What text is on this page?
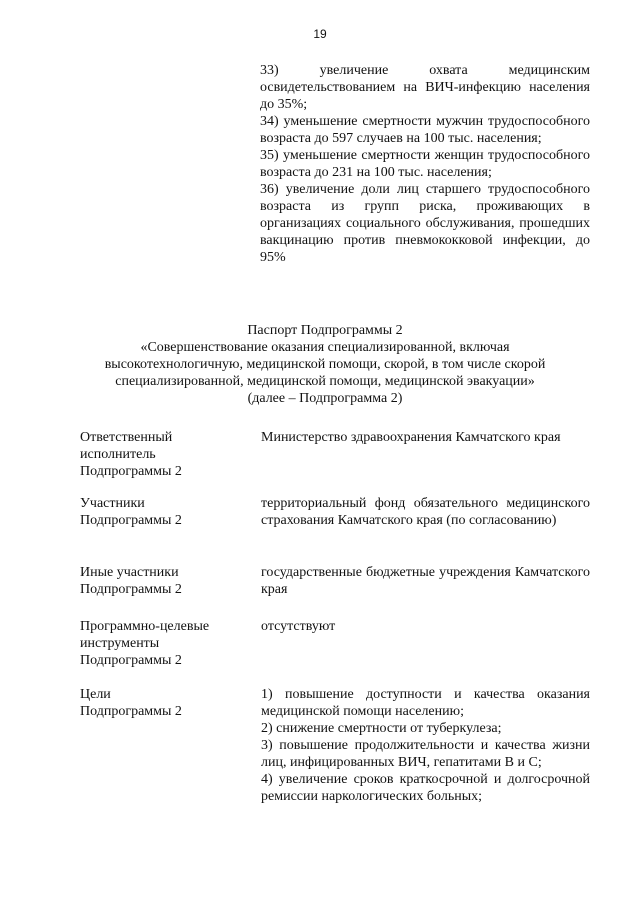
19

33) увеличение охвата медицинским освидетельствованием на ВИЧ-инфекцию населения до 35%;

34) уменьшение смертности мужчин трудоспособного возраста до 597 случаев на 100 тыс. населения;

35) уменьшение смертности женщин трудоспособного возраста до 231 на 100 тыс. населения;

36) увеличение доли лиц старшего трудоспособного возраста из групп риска, проживающих в организациях социального обслуживания, прошедших вакцинацию против пневмококковой инфекции, до 95%

Паспорт Подпрограммы 2
«Совершенствование оказания специализированной, включая
высокотехнологичную, медицинской помощи, скорой, в том числе скорой
специализированной, медицинской помощи, медицинской эвакуации»
(далее – Подпрограмма 2)
Ответственный
исполнитель
Подпрограммы 2

Министерство здравоохранения Камчатского края

Участники
Подпрограммы 2

территориальный фонд обязательного медицинского страхования Камчатского края (по согласованию)

Иные участники
Подпрограммы 2

государственные бюджетные учреждения Камчатского края

Программно-целевые
инструменты
Подпрограммы 2

отсутствуют

Цели
Подпрограммы 2

1) повышение доступности и качества оказания медицинской помощи населению;

2) снижение смертности от туберкулеза;

3) повышение продолжительности и качества жизни лиц, инфицированных ВИЧ, гепатитами В и С;

4) увеличение сроков краткосрочной и долгосрочной ремиссии наркологических больных;
